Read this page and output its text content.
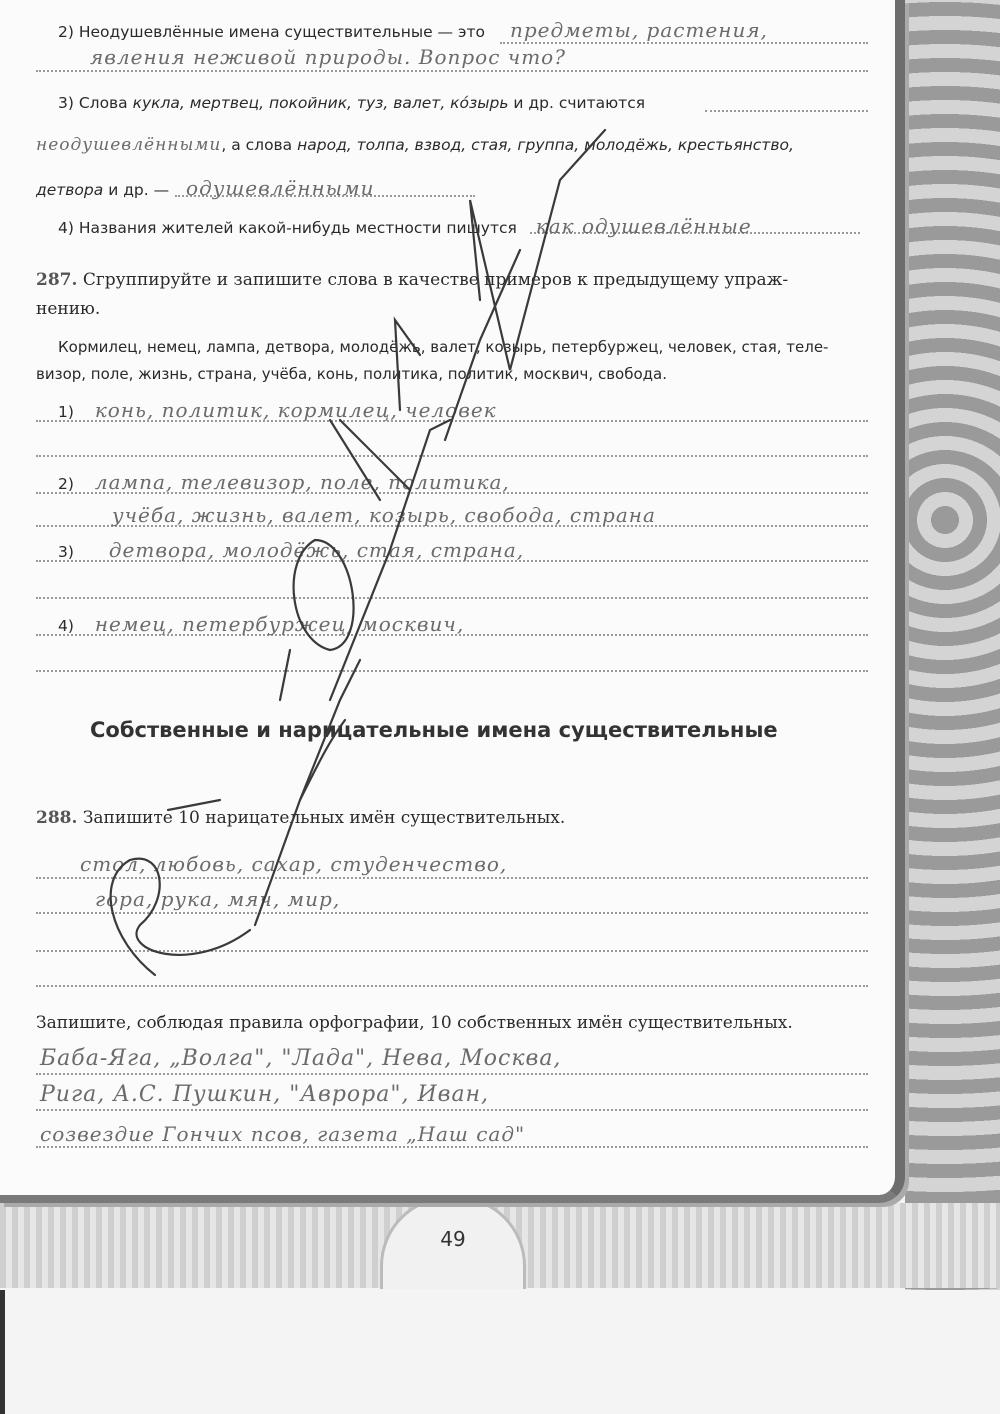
49
2) Неодушевлённые имена существительные — это предметы, растения,
явления неживой природы. Вопрос что?
3) Слова кукла, мертвец, покойник, туз, валет, ко́зырь и др. считаются
неодушевлёнными, а слова народ, толпа, взвод, стая, группа, молодёжь, крестьянство,
детвора и др. — одушевлёнными
4) Названия жителей какой-нибудь местности пишутся как одушевлённые
287. Сгруппируйте и запишите слова в качестве примеров к предыдущему упраж-
нению.
Кормилец, немец, лампа, детвора, молодёжь, валет, козырь, петербуржец, человек, стая, теле-
визор, поле, жизнь, страна, учёба, конь, политика, политик, москвич, свобода.
1) конь, политик, кормилец, человек
2) лампа, телевизор, поле, политика,
учёба, жизнь, валет, козырь, свобода, страна
3) детвора, молодёжь, стая, страна,
4) немец, петербуржец, москвич,
Собственные и нарицательные имена существительные
288. Запишите 10 нарицательных имён существительных.
стол, любовь, сахар, студенчество,
гора, рука, мяч, мир,
Запишите, соблюдая правила орфографии, 10 собственных имён существительных.
Баба-Яга, „Волга", "Лада", Нева, Москва,
Рига, А.С. Пушкин, "Аврора", Иван,
созвездие Гончих псов, газета „Наш сад"
